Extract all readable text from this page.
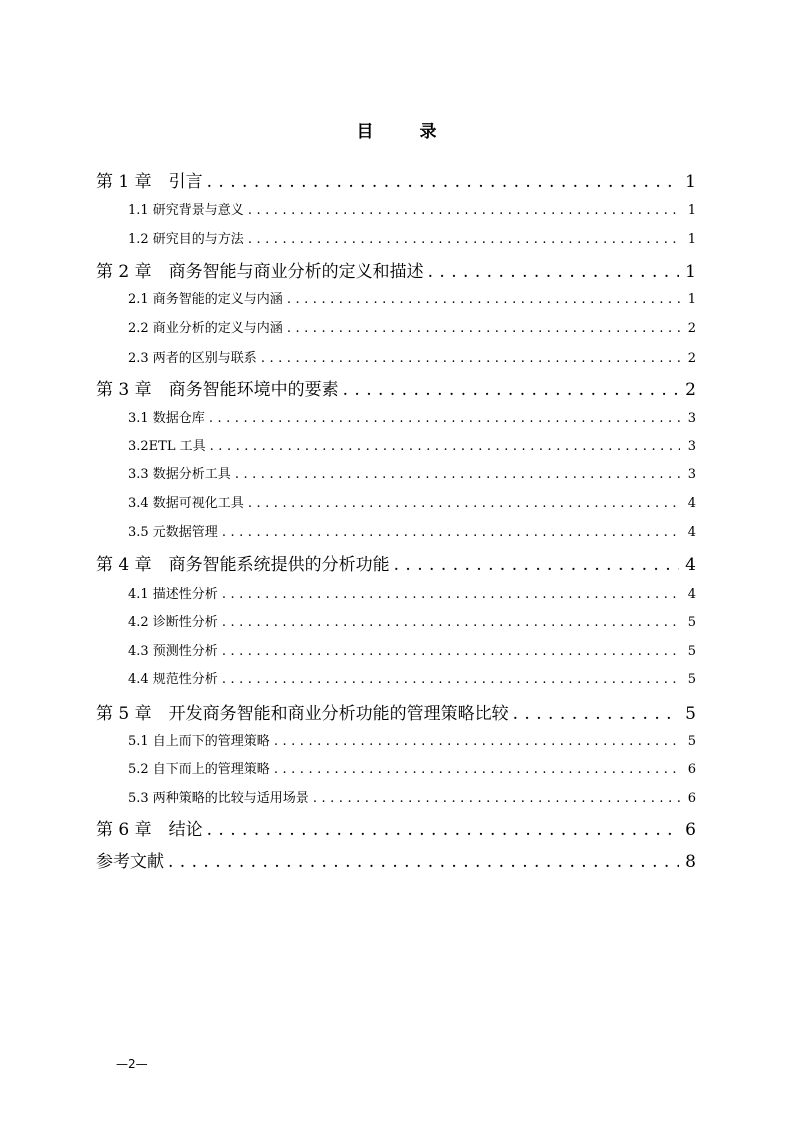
目 录
第 1 章　引言 . . .	1
1.1 研究背景与意义 . . .	1
1.2 研究目的与方法 . . .	1
第 2 章　商务智能与商业分析的定义和描述 . . .	1
2.1 商务智能的定义与内涵 . . .	1
2.2 商业分析的定义与内涵 . . .	2
2.3 两者的区别与联系 . . .	2
第 3 章　商务智能环境中的要素 . . .	2
3.1 数据仓库 . . .	3
3.2ETL 工具 . . .	3
3.3 数据分析工具 . . .	3
3.4 数据可视化工具 . . .	4
3.5 元数据管理 . . .	4
第 4 章　商务智能系统提供的分析功能 . . .	4
4.1 描述性分析 . . .	4
4.2 诊断性分析 . . .	5
4.3 预测性分析 . . .	5
4.4 规范性分析 . . .	5
第 5 章　开发商务智能和商业分析功能的管理策略比较 . . .	5
5.1 自上而下的管理策略 . . .	5
5.2 自下而上的管理策略 . . .	6
5.3 两种策略的比较与适用场景 . . .	6
第 6 章　结论 . . .	6
参考文献 . . .	8
—2—
